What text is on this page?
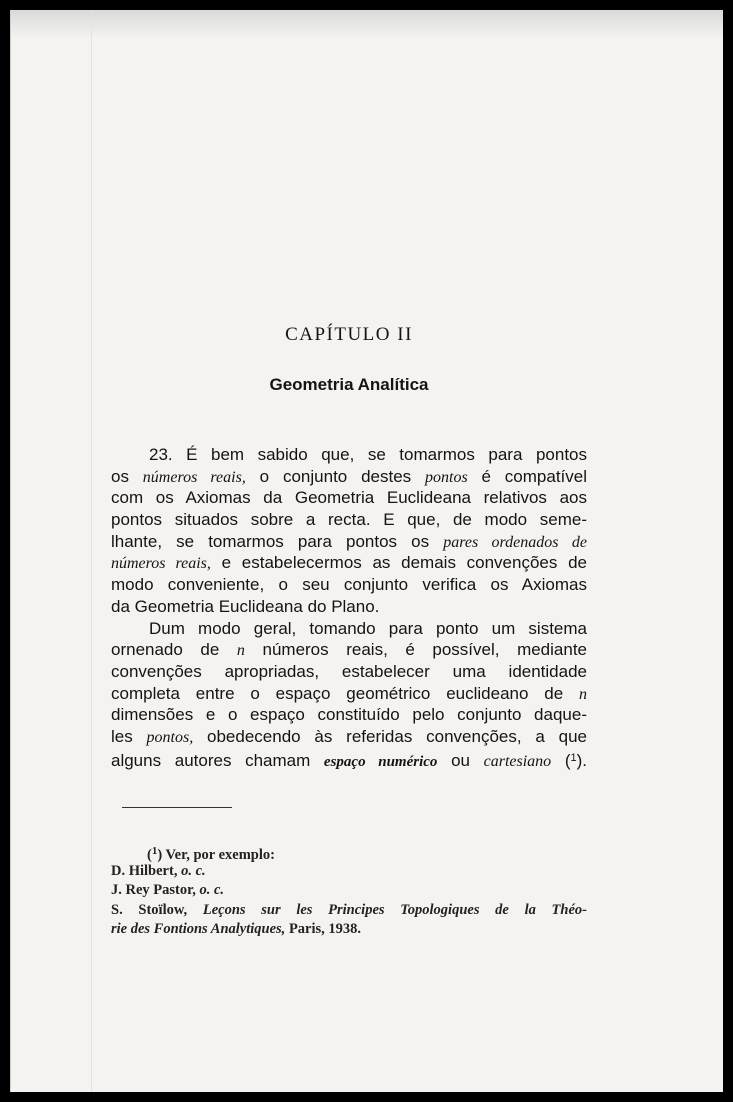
CAPÍTULO II
Geometria Analítica
23. É bem sabido que, se tomarmos para pontos
os números reais, o conjunto destes pontos é compatível
com os Axiomas da Geometria Euclideana relativos aos
pontos situados sobre a recta. E que, de modo seme-
lhante, se tomarmos para pontos os pares ordenados de
números reais, e estabelecermos as demais convenções de
modo conveniente, o seu conjunto verifica os Axiomas
da Geometria Euclideana do Plano.
Dum modo geral, tomando para ponto um sistema
ornenado de n números reais, é possível, mediante
convenções apropriadas, estabelecer uma identidade
completa entre o espaço geométrico euclideano de n
dimensões e o espaço constituído pelo conjunto daque-
les pontos, obedecendo às referidas convenções, a que
alguns autores chamam espaço numérico ou cartesiano ($^1$).
($^1$) Ver, por exemplo:
D. Hilbert, o. c.
J. Rey Pastor, o. c.
S. Stoïlow, Leçons sur les Principes Topologiques de la Théo-
rie des Fontions Analytiques, Paris, 1938.
